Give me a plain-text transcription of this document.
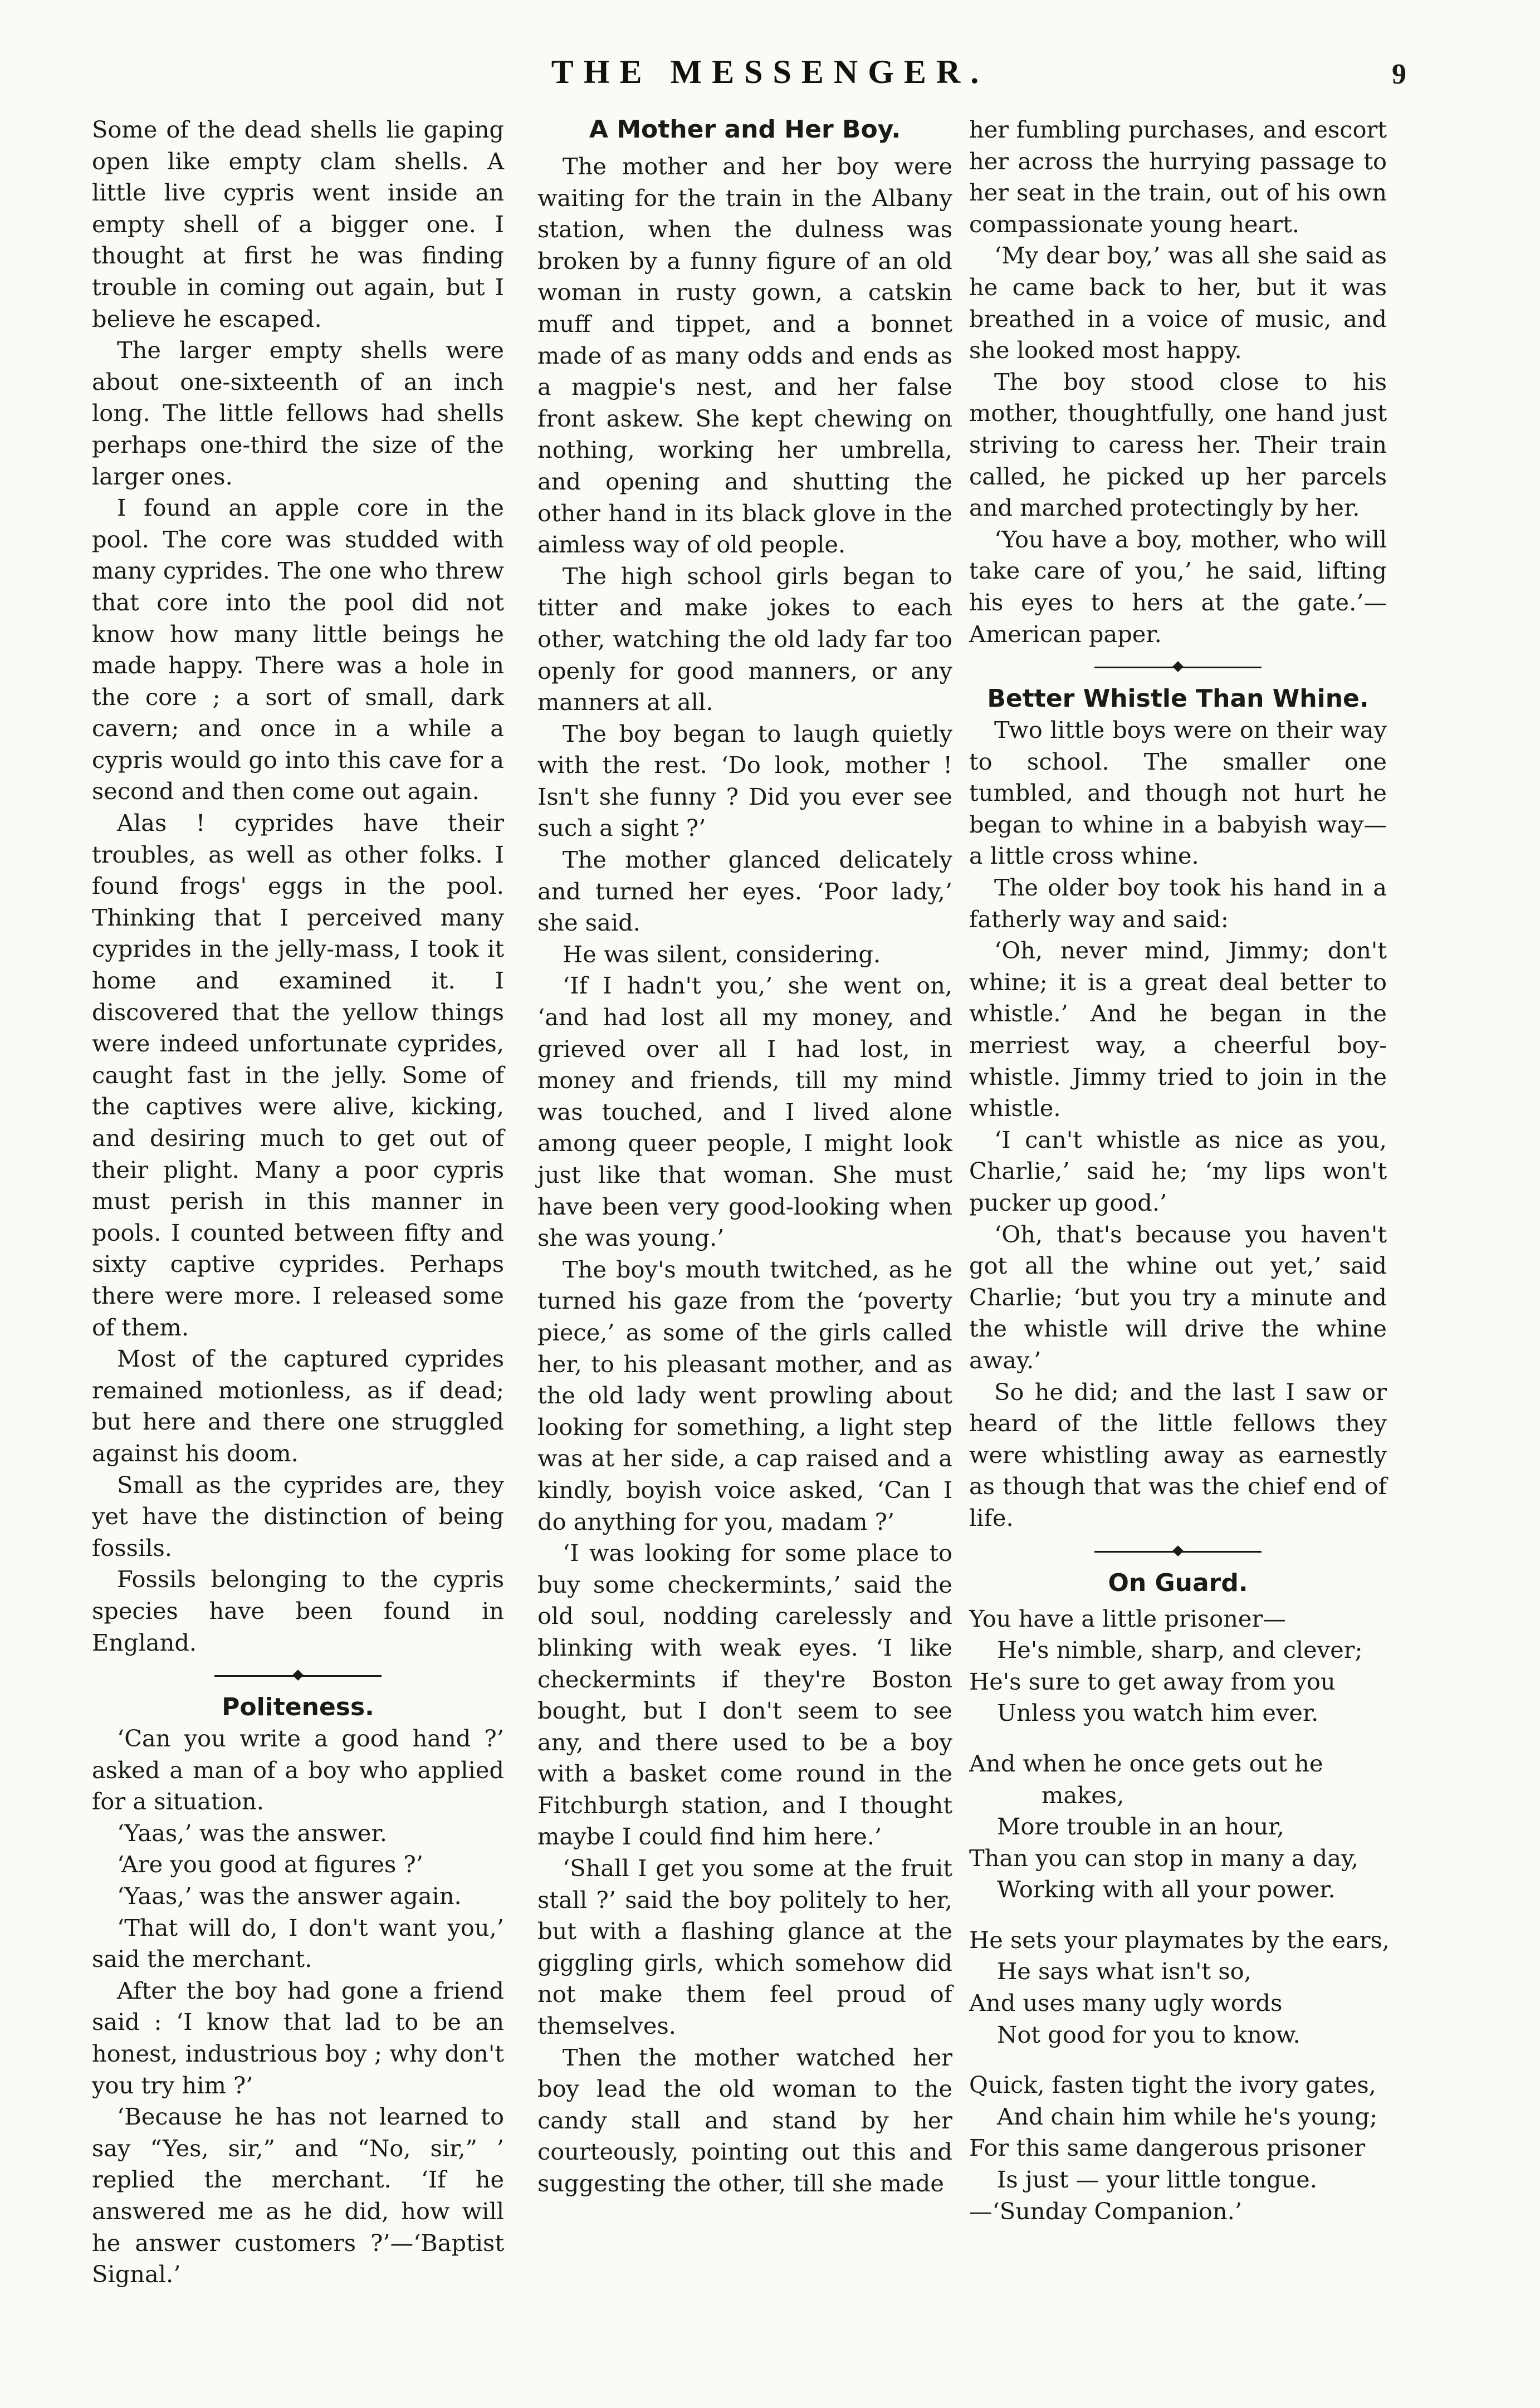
THE MESSENGER.	9

Some of the dead shells lie gaping open like empty clam shells. A little live cypris went inside an empty shell of a bigger one. I thought at first he was finding trouble in coming out again, but I believe he escaped.

The larger empty shells were about one-sixteenth of an inch long. The little fellows had shells perhaps one-third the size of the larger ones.

I found an apple core in the pool. The core was studded with many cyprides. The one who threw that core into the pool did not know how many little beings he made happy. There was a hole in the core ; a sort of small, dark cavern; and once in a while a cypris would go into this cave for a second and then come out again.

Alas ! cyprides have their troubles, as well as other folks. I found frogs' eggs in the pool. Thinking that I perceived many cyprides in the jelly-mass, I took it home and examined it. I discovered that the yellow things were indeed unfortunate cyprides, caught fast in the jelly. Some of the captives were alive, kicking, and desiring much to get out of their plight. Many a poor cypris must perish in this manner in pools. I counted between fifty and sixty captive cyprides. Perhaps there were more. I released some of them.

Most of the captured cyprides remained motionless, as if dead; but here and there one struggled against his doom.

Small as the cyprides are, they yet have the distinction of being fossils.

Fossils belonging to the cypris species have been found in England.

Politeness.

‘Can you write a good hand ?’ asked a man of a boy who applied for a situation.

‘Yaas,’ was the answer.

‘Are you good at figures ?’

‘Yaas,’ was the answer again.

‘That will do, I don't want you,’ said the merchant.

After the boy had gone a friend said : ‘I know that lad to be an honest, industrious boy ; why don't you try him ?’

‘Because he has not learned to say “Yes, sir,” and “No, sir,” ’ replied the merchant. ‘If he answered me as he did, how will he answer customers ?’—‘Baptist Signal.’

A Mother and Her Boy.

The mother and her boy were waiting for the train in the Albany station, when the dulness was broken by a funny figure of an old woman in rusty gown, a catskin muff and tippet, and a bonnet made of as many odds and ends as a magpie's nest, and her false front askew. She kept chewing on nothing, working her umbrella, and opening and shutting the other hand in its black glove in the aimless way of old people.

The high school girls began to titter and make jokes to each other, watching the old lady far too openly for good manners, or any manners at all.

The boy began to laugh quietly with the rest. ‘Do look, mother ! Isn't she funny ? Did you ever see such a sight ?’

The mother glanced delicately and turned her eyes. ‘Poor lady,’ she said.

He was silent, considering.

‘If I hadn't you,’ she went on, ‘and had lost all my money, and grieved over all I had lost, in money and friends, till my mind was touched, and I lived alone among queer people, I might look just like that woman. She must have been very good-looking when she was young.’

The boy's mouth twitched, as he turned his gaze from the ‘poverty piece,’ as some of the girls called her, to his pleasant mother, and as the old lady went prowling about looking for something, a light step was at her side, a cap raised and a kindly, boyish voice asked, ‘Can I do anything for you, madam ?’

‘I was looking for some place to buy some checkermints,’ said the old soul, nodding carelessly and blinking with weak eyes. ‘I like checkermints if they're Boston bought, but I don't seem to see any, and there used to be a boy with a basket come round in the Fitchburgh station, and I thought maybe I could find him here.’

‘Shall I get you some at the fruit stall ?’ said the boy politely to her, but with a flashing glance at the giggling girls, which somehow did not make them feel proud of themselves.

Then the mother watched her boy lead the old woman to the candy stall and stand by her courteously, pointing out this and suggesting the other, till she made

her fumbling purchases, and escort her across the hurrying passage to her seat in the train, out of his own compassionate young heart.

‘My dear boy,’ was all she said as he came back to her, but it was breathed in a voice of music, and she looked most happy.

The boy stood close to his mother, thoughtfully, one hand just striving to caress her. Their train called, he picked up her parcels and marched protectingly by her.

‘You have a boy, mother, who will take care of you,’ he said, lifting his eyes to hers at the gate.’—American paper.

Better Whistle Than Whine.

Two little boys were on their way to school. The smaller one tumbled, and though not hurt he began to whine in a babyish way—a little cross whine.

The older boy took his hand in a fatherly way and said:

‘Oh, never mind, Jimmy; don't whine; it is a great deal better to whistle.’ And he began in the merriest way, a cheerful boy-whistle. Jimmy tried to join in the whistle.

‘I can't whistle as nice as you, Charlie,’ said he; ‘my lips won't pucker up good.’

‘Oh, that's because you haven't got all the whine out yet,’ said Charlie; ‘but you try a minute and the whistle will drive the whine away.’

So he did; and the last I saw or heard of the little fellows they were whistling away as earnestly as though that was the chief end of life.

On Guard.
You have a little prisoner—
He's nimble, sharp, and clever;
He's sure to get away from you
Unless you watch him ever.
And when he once gets out he
makes,
More trouble in an hour,
Than you can stop in many a day,
Working with all your power.
He sets your playmates by the ears,
He says what isn't so,
And uses many ugly words
Not good for you to know.
Quick, fasten tight the ivory gates,
And chain him while he's young;
For this same dangerous prisoner
Is just — your little tongue.
—‘Sunday Companion.’
